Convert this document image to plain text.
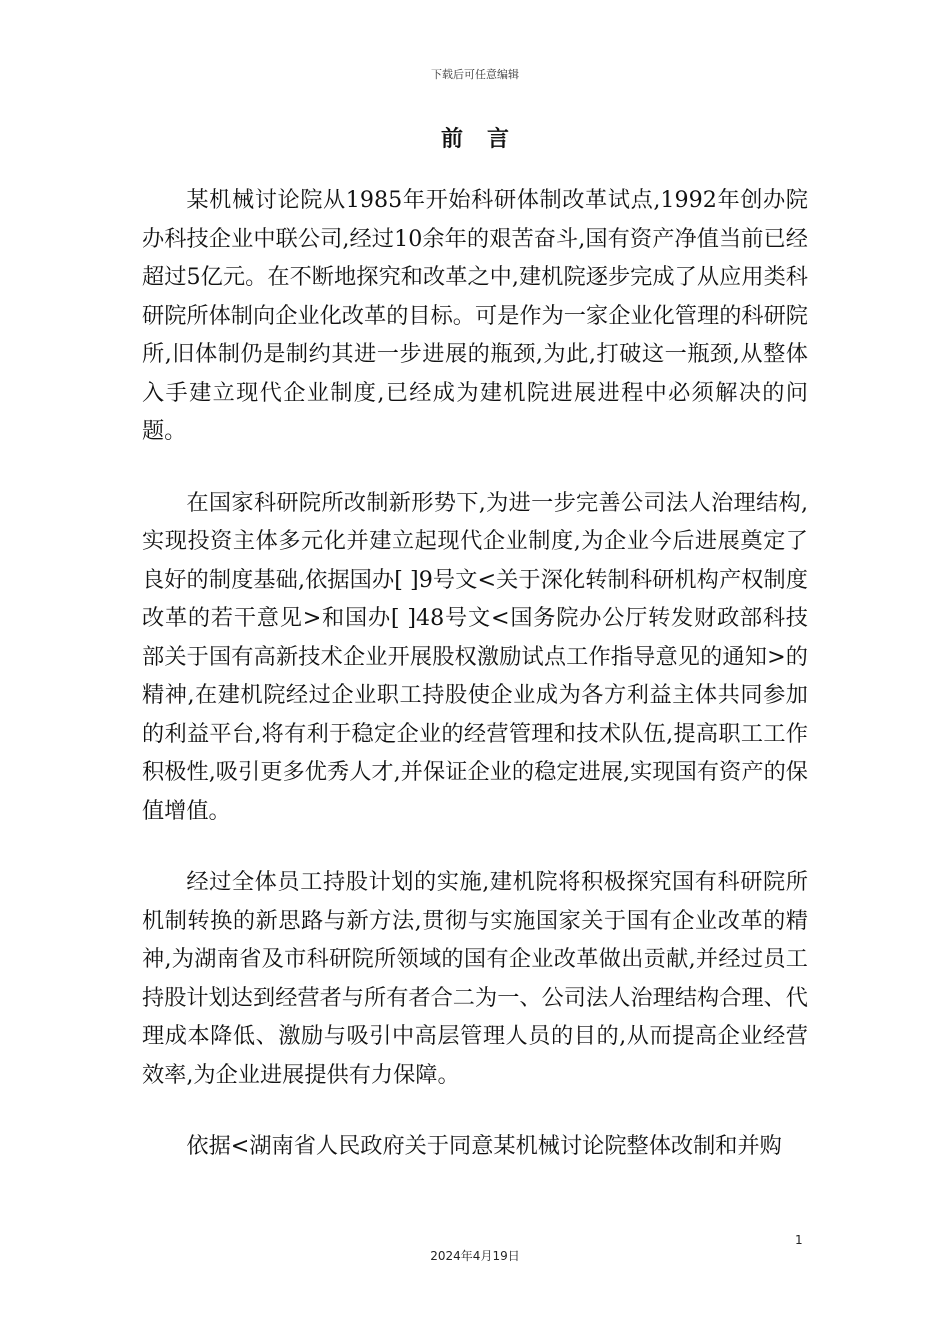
下载后可任意编辑
前言

某机械讨论院从1985年开始科研体制改革试点,1992年创办院办科技企业中联公司,经过10余年的艰苦奋斗,国有资产净值当前已经超过5亿元。在不断地探究和改革之中,建机院逐步完成了从应用类科研院所体制向企业化改革的目标。可是作为一家企业化管理的科研院所,旧体制仍是制约其进一步进展的瓶颈,为此,打破这一瓶颈,从整体入手建立现代企业制度,已经成为建机院进展进程中必须解决的问题。

在国家科研院所改制新形势下,为进一步完善公司法人治理结构,实现投资主体多元化并建立起现代企业制度,为企业今后进展奠定了良好的制度基础,依据国办[ ]9号文<关于深化转制科研机构产权制度改革的若干意见>和国办[ ]48号文<国务院办公厅转发财政部科技部关于国有高新技术企业开展股权激励试点工作指导意见的通知>的精神,在建机院经过企业职工持股使企业成为各方利益主体共同参加的利益平台,将有利于稳定企业的经营管理和技术队伍,提高职工工作积极性,吸引更多优秀人才,并保证企业的稳定进展,实现国有资产的保值增值。

经过全体员工持股计划的实施,建机院将积极探究国有科研院所机制转换的新思路与新方法,贯彻与实施国家关于国有企业改革的精神,为湖南省及市科研院所领域的国有企业改革做出贡献,并经过员工持股计划达到经营者与所有者合二为一、公司法人治理结构合理、代理成本降低、激励与吸引中高层管理人员的目的,从而提高企业经营效率,为企业进展提供有力保障。

依据<湖南省人民政府关于同意某机械讨论院整体改制和并购

1
2024年4月19日
